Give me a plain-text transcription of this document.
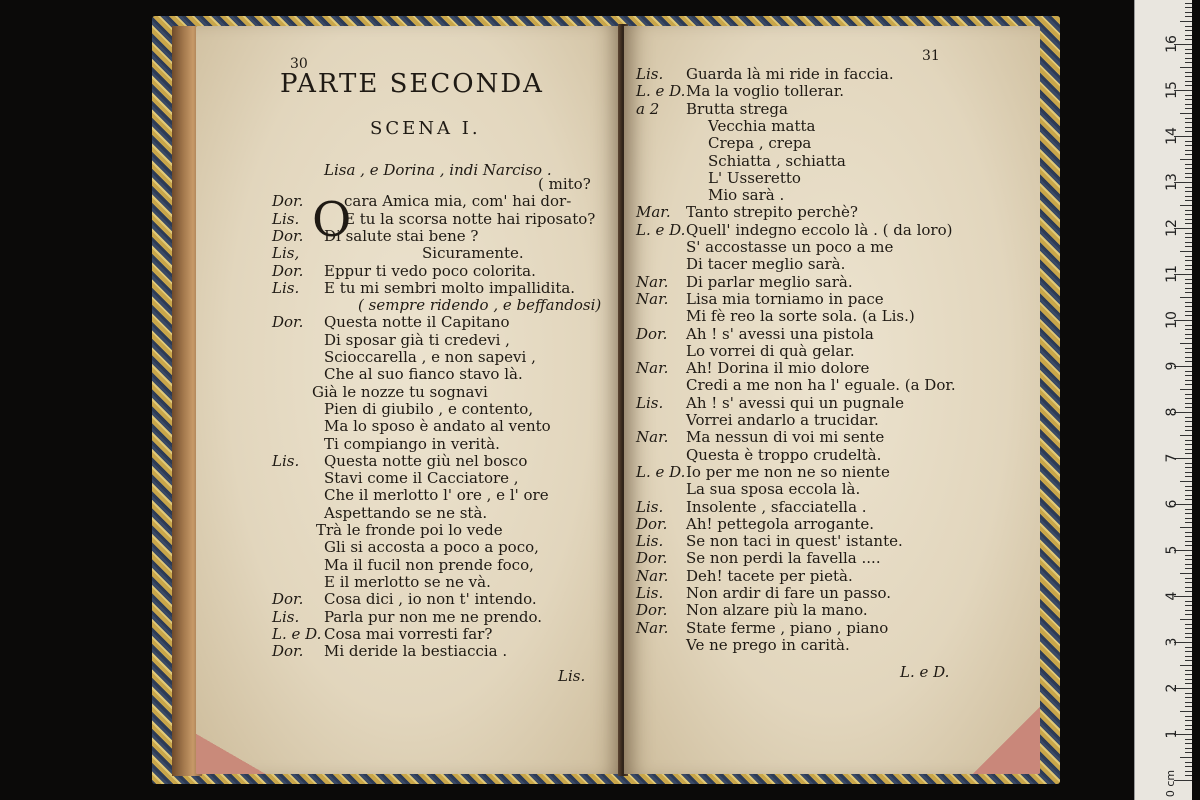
30
PARTE SECONDA
SCENA I.
Lisa , e Dorina , indi Narciso .
O
( mito?
Dor.	cara Amica mia, com' hai dor-
Lis.	E tu la scorsa notte hai riposato?
Dor. Di salute stai bene ?
Lis,	Sicuramente.
Dor. Eppur ti vedo poco colorita.
Lis. E tu mi sembri molto impallidita.
( sempre ridendo , e beffandosi)
Dor. Questa notte il Capitano
Di sposar già ti credevi ,
Scioccarella , e non sapevi ,
Che al suo fianco stavo là.
Già le nozze tu sognavi
Pien di giubilo , e contento,
Ma lo sposo è andato al vento
Ti compiango in verità.
Lis. Questa notte giù nel bosco
Stavi come il Cacciatore ,
Che il merlotto l' ore , e l' ore
Aspettando se ne stà.
Trà le fronde poi lo vede
Gli si accosta a poco a poco,
Ma il fucil non prende foco,
E il merlotto se ne và.
Dor. Cosa dici , io non t' intendo.
Lis. Parla pur non me ne prendo.
L. e D. Cosa mai vorresti far?
Dor. Mi deride la bestiaccia .
Lis.
31
Lis. Guarda là mi ride in faccia.
L. e D. Ma la voglio tollerar.
a 2 Brutta strega
Vecchia matta
Crepa , crepa
Schiatta , schiatta
L' Usseretto
Mio sarà .
Mar. Tanto strepito perchè?
L. e D. Quell' indegno eccolo là . ( da loro)
S' accostasse un poco a me
Di tacer meglio sarà.
Nar. Di parlar meglio sarà.
Nar. Lisa mia torniamo in pace
Mi fè reo la sorte sola. (a Lis.)
Dor. Ah ! s' avessi una pistola
Lo vorrei di quà gelar.
Nar. Ah! Dorina il mio dolore
Credi a me non ha l' eguale. (a Dor.
Lis. Ah ! s' avessi qui un pugnale
Vorrei andarlo a trucidar.
Nar. Ma nessun di voi mi sente
Questa è troppo crudeltà.
L. e D. Io per me non ne so niente
La sua sposa eccola là.
Lis. Insolente , sfacciatella .
Dor. Ah! pettegola arrogante.
Lis. Se non taci in quest' istante.
Dor. Se non perdi la favella ....
Nar. Deh! tacete per pietà.
Lis. Non ardir di fare un passo.
Dor. Non alzare più la mano.
Nar. State ferme , piano , piano
Ve ne prego in carità.
L. e D.
16
15
14
13
12
11
10
9
8
7
6
5
4
3
2
1
0 cm
